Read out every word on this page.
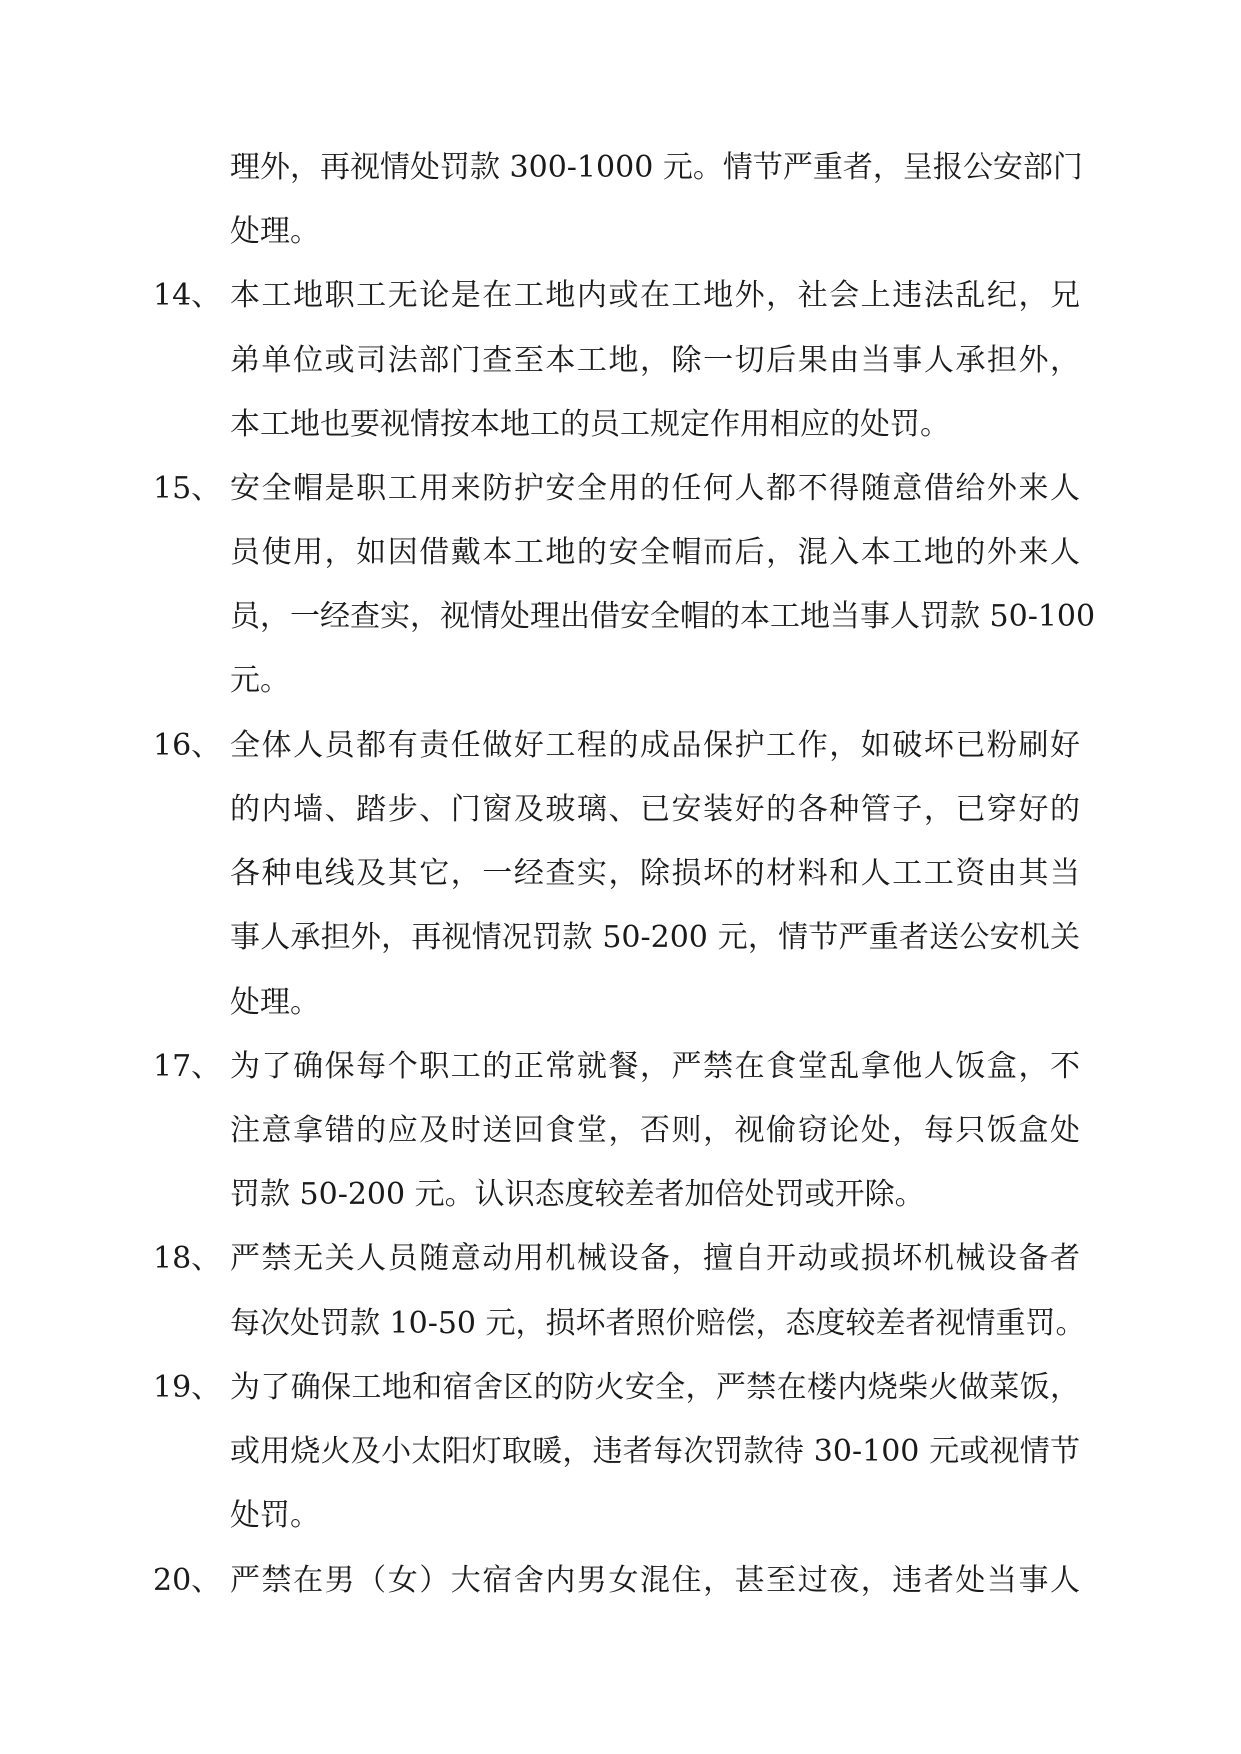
理外，再视情处罚款 300-1000 元。情节严重者，呈报公安部门
处理。
14、 本工地职工无论是在工地内或在工地外，社会上违法乱纪，兄
弟单位或司法部门查至本工地，除一切后果由当事人承担外，
本工地也要视情按本地工的员工规定作用相应的处罚。
15、 安全帽是职工用来防护安全用的任何人都不得随意借给外来人
员使用，如因借戴本工地的安全帽而后，混入本工地的外来人
员，一经查实，视情处理出借安全帽的本工地当事人罚款 50-100
元。
16、 全体人员都有责任做好工程的成品保护工作，如破坏已粉刷好
的内墙、踏步、门窗及玻璃、已安装好的各种管子，已穿好的
各种电线及其它，一经查实，除损坏的材料和人工工资由其当
事人承担外，再视情况罚款 50-200 元，情节严重者送公安机关
处理。
17、 为了确保每个职工的正常就餐，严禁在食堂乱拿他人饭盒，不
注意拿错的应及时送回食堂，否则，视偷窃论处，每只饭盒处
罚款 50-200 元。认识态度较差者加倍处罚或开除。
18、 严禁无关人员随意动用机械设备，擅自开动或损坏机械设备者
每次处罚款 10-50 元，损坏者照价赔偿，态度较差者视情重罚。
19、 为了确保工地和宿舍区的防火安全，严禁在楼内烧柴火做菜饭，
或用烧火及小太阳灯取暖，违者每次罚款待 30-100 元或视情节
处罚。
20、 严禁在男（女）大宿舍内男女混住，甚至过夜，违者处当事人
